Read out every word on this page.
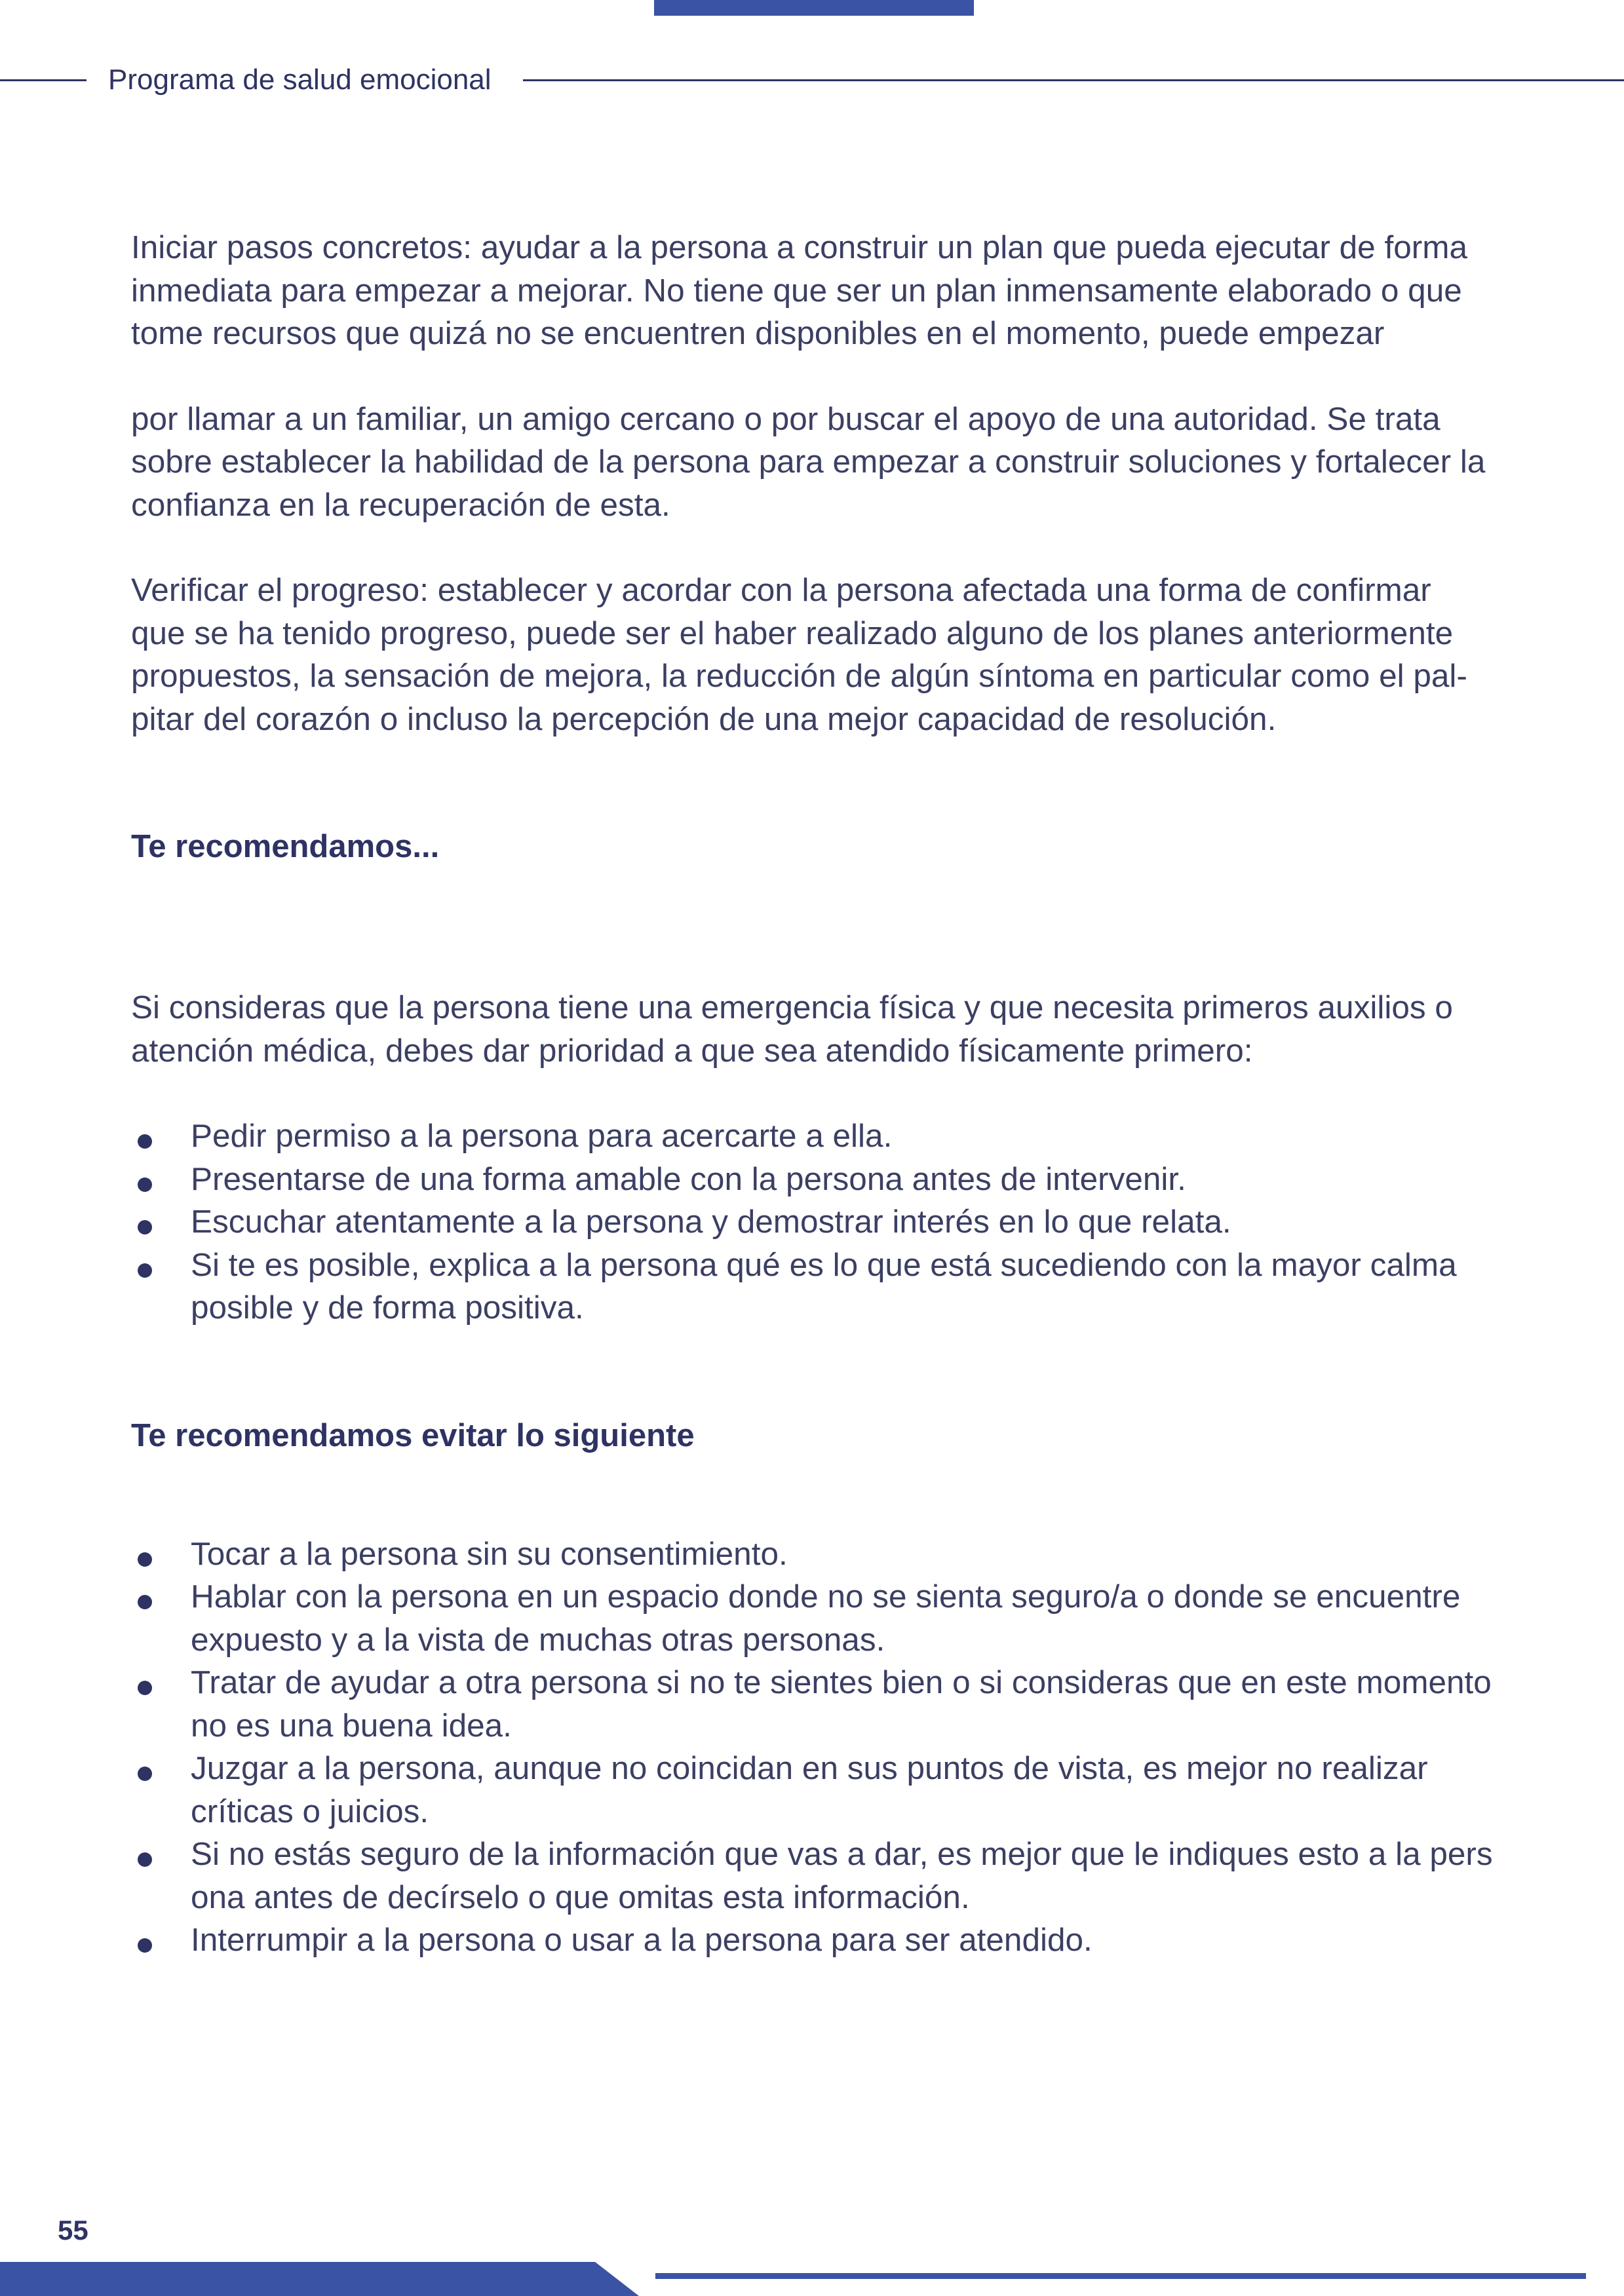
Programa de salud emocional

Iniciar pasos concretos: ayudar a la persona a construir un plan que pueda ejecutar de forma inmediata para empezar a mejorar. No tiene que ser un plan inmensamente elaborado o que tome recursos que quizá no se encuentren disponibles en el momento, puede empezar

por llamar a un familiar, un amigo cercano o por buscar el apoyo de una autoridad. Se trata sobre establecer la habilidad de la persona para empezar a construir soluciones y fortalecer la confianza en la recuperación de esta.

Verificar el progreso: establecer y acordar con la persona afectada una forma de confirmar que se ha tenido progreso, puede ser el haber realizado alguno de los planes anteriormente propuestos, la sensación de mejora, la reducción de algún síntoma en particular como el pal-pitar del corazón o incluso la percepción de una mejor capacidad de resolución.

Te recomendamos...

Si consideras que la persona tiene una emergencia física y que necesita primeros auxilios o atención médica, debes dar prioridad a que sea atendido físicamente primero:

Pedir permiso a la persona para acercarte a ella.
Presentarse de una forma amable con la persona antes de intervenir.
Escuchar atentamente a la persona y demostrar interés en lo que relata.
Si te es posible, explica a la persona qué es lo que está sucediendo con la mayor calma posible y de forma positiva.
Te recomendamos evitar lo siguiente
Tocar a la persona sin su consentimiento.
Hablar con la persona en un espacio donde no se sienta seguro/a o donde se encuentre expuesto y a la vista de muchas otras personas.
Tratar de ayudar a otra persona si no te sientes bien o si consideras que en este momento no es una buena idea.
Juzgar a la persona, aunque no coincidan en sus puntos de vista, es mejor no realizar críticas o juicios.
Si no estás seguro de la información que vas a dar, es mejor que le indiques esto a la pers ona antes de decírselo o que omitas esta información.
Interrumpir a la persona o usar a la persona para ser atendido.
55
